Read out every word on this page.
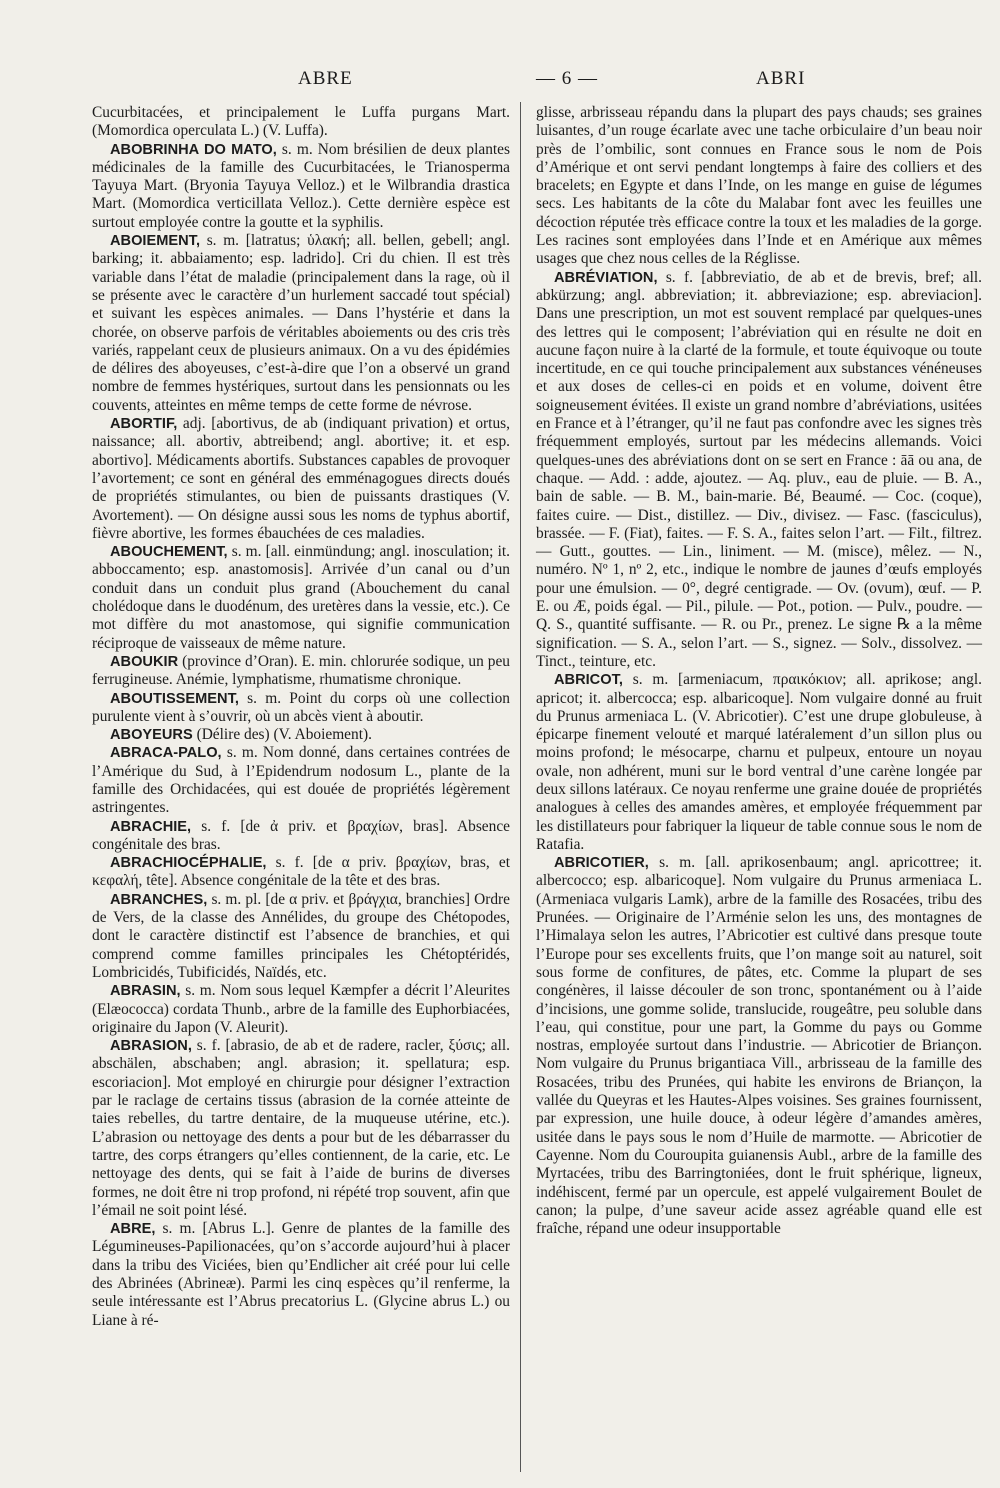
ABRE	— 6 —	ABRI

Cucurbitacées, et principalement le Luffa purgans Mart. (Momordica operculata L.) (V. Luffa).

ABOBRINHA DO MATO, s. m. Nom brésilien de deux plantes médicinales de la famille des Cucurbitacées, le Trianosperma Tayuya Mart. (Bryonia Tayuya Velloz.) et le Wilbrandia drastica Mart. (Momordica verticillata Velloz.). Cette dernière espèce est surtout employée contre la goutte et la syphilis.

ABOIEMENT, s. m. [latratus; ὑλακή; all. bellen, gebell; angl. barking; it. abbaiamento; esp. ladrido]. Cri du chien. Il est très variable dans l’état de maladie (principalement dans la rage, où il se présente avec le caractère d’un hurlement saccadé tout spécial) et suivant les espèces animales. — Dans l’hystérie et dans la chorée, on observe parfois de véritables aboiements ou des cris très variés, rappelant ceux de plusieurs animaux. On a vu des épidémies de délires des aboyeuses, c’est-à-dire que l’on a observé un grand nombre de femmes hystériques, surtout dans les pensionnats ou les couvents, atteintes en même temps de cette forme de névrose.

ABORTIF, adj. [abortivus, de ab (indiquant privation) et ortus, naissance; all. abortiv, abtreibend; angl. abortive; it. et esp. abortivo]. Médicaments abortifs. Substances capables de provoquer l’avortement; ce sont en général des emménagogues directs doués de propriétés stimulantes, ou bien de puissants drastiques (V. Avortement). — On désigne aussi sous les noms de typhus abortif, fièvre abortive, les formes ébauchées de ces maladies.

ABOUCHEMENT, s. m. [all. einmündung; angl. inosculation; it. abboccamento; esp. anastomosis]. Arrivée d’un canal ou d’un conduit dans un conduit plus grand (Abouchement du canal cholédoque dans le duodénum, des uretères dans la vessie, etc.). Ce mot diffère du mot anastomose, qui signifie communication réciproque de vaisseaux de même nature.

ABOUKIR (province d’Oran). E. min. chlorurée sodique, un peu ferrugineuse. Anémie, lymphatisme, rhumatisme chronique.

ABOUTISSEMENT, s. m. Point du corps où une collection purulente vient à s’ouvrir, où un abcès vient à aboutir.

ABOYEURS (Délire des) (V. Aboiement).

ABRACA-PALO, s. m. Nom donné, dans certaines contrées de l’Amérique du Sud, à l’Epidendrum nodosum L., plante de la famille des Orchidacées, qui est douée de propriétés légèrement astringentes.

ABRACHIE, s. f. [de ἀ priv. et βραχίων, bras]. Absence congénitale des bras.

ABRACHIOCÉPHALIE, s. f. [de α priv. βραχίων, bras, et κεφαλή, tête]. Absence congénitale de la tête et des bras.

ABRANCHES, s. m. pl. [de α priv. et βράγχια, branchies] Ordre de Vers, de la classe des Annélides, du groupe des Chétopodes, dont le caractère distinctif est l’absence de branchies, et qui comprend comme familles principales les Chétoptéridés, Lombricidés, Tubificidés, Naïdés, etc.

ABRASIN, s. m. Nom sous lequel Kæmpfer a décrit l’Aleurites (Elæococca) cordata Thunb., arbre de la famille des Euphorbiacées, originaire du Japon (V. Aleurit).

ABRASION, s. f. [abrasio, de ab et de radere, racler, ξύσις; all. abschälen, abschaben; angl. abrasion; it. spellatura; esp. escoriacion]. Mot employé en chirurgie pour désigner l’extraction par le raclage de certains tissus (abrasion de la cornée atteinte de taies rebelles, du tartre dentaire, de la muqueuse utérine, etc.). L’abrasion ou nettoyage des dents a pour but de les débarrasser du tartre, des corps étrangers qu’elles contiennent, de la carie, etc. Le nettoyage des dents, qui se fait à l’aide de burins de diverses formes, ne doit être ni trop profond, ni répété trop souvent, afin que l’émail ne soit point lésé.

ABRE, s. m. [Abrus L.]. Genre de plantes de la famille des Légumineuses-Papilionacées, qu’on s’accorde aujourd’hui à placer dans la tribu des Viciées, bien qu’Endlicher ait créé pour lui celle des Abrinées (Abrineæ). Parmi les cinq espèces qu’il renferme, la seule intéressante est l’Abrus precatorius L. (Glycine abrus L.) ou Liane à ré-

glisse, arbrisseau répandu dans la plupart des pays chauds; ses graines luisantes, d’un rouge écarlate avec une tache orbiculaire d’un beau noir près de l’ombilic, sont connues en France sous le nom de Pois d’Amérique et ont servi pendant longtemps à faire des colliers et des bracelets; en Egypte et dans l’Inde, on les mange en guise de légumes secs. Les habitants de la côte du Malabar font avec les feuilles une décoction réputée très efficace contre la toux et les maladies de la gorge. Les racines sont employées dans l’Inde et en Amérique aux mêmes usages que chez nous celles de la Réglisse.

ABRÉVIATION, s. f. [abbreviatio, de ab et de brevis, bref; all. abkürzung; angl. abbreviation; it. abbreviazione; esp. abreviacion]. Dans une prescription, un mot est souvent remplacé par quelques-unes des lettres qui le composent; l’abréviation qui en résulte ne doit en aucune façon nuire à la clarté de la formule, et toute équivoque ou toute incertitude, en ce qui touche principalement aux substances vénéneuses et aux doses de celles-ci en poids et en volume, doivent être soigneusement évitées. Il existe un grand nombre d’abréviations, usitées en France et à l’étranger, qu’il ne faut pas confondre avec les signes très fréquemment employés, surtout par les médecins allemands. Voici quelques-unes des abréviations dont on se sert en France : āā ou ana, de chaque. — Add. : adde, ajoutez. — Aq. pluv., eau de pluie. — B. A., bain de sable. — B. M., bain-marie. Bé, Beaumé. — Coc. (coque), faites cuire. — Dist., distillez. — Div., divisez. — Fasc. (fasciculus), brassée. — F. (Fiat), faites. — F. S. A., faites selon l’art. — Filt., filtrez. — Gutt., gouttes. — Lin., liniment. — M. (misce), mêlez. — N., numéro. Nº 1, nº 2, etc., indique le nombre de jaunes d’œufs employés pour une émulsion. — 0°, degré centigrade. — Ov. (ovum), œuf. — P. E. ou Æ, poids égal. — Pil., pilule. — Pot., potion. — Pulv., poudre. — Q. S., quantité suffisante. — R. ou Pr., prenez. Le signe ℞ a la même signification. — S. A., selon l’art. — S., signez. — Solv., dissolvez. — Tinct., teinture, etc.

ABRICOT, s. m. [armeniacum, πραικόκιον; all. aprikose; angl. apricot; it. albercocca; esp. albaricoque]. Nom vulgaire donné au fruit du Prunus armeniaca L. (V. Abricotier). C’est une drupe globuleuse, à épicarpe finement velouté et marqué latéralement d’un sillon plus ou moins profond; le mésocarpe, charnu et pulpeux, entoure un noyau ovale, non adhérent, muni sur le bord ventral d’une carène longée par deux sillons latéraux. Ce noyau renferme une graine douée de propriétés analogues à celles des amandes amères, et employée fréquemment par les distillateurs pour fabriquer la liqueur de table connue sous le nom de Ratafia.

ABRICOTIER, s. m. [all. aprikosenbaum; angl. apricottree; it. albercocco; esp. albaricoque]. Nom vulgaire du Prunus armeniaca L. (Armeniaca vulgaris Lamk), arbre de la famille des Rosacées, tribu des Prunées. — Originaire de l’Arménie selon les uns, des montagnes de l’Himalaya selon les autres, l’Abricotier est cultivé dans presque toute l’Europe pour ses excellents fruits, que l’on mange soit au naturel, soit sous forme de confitures, de pâtes, etc. Comme la plupart de ses congénères, il laisse découler de son tronc, spontanément ou à l’aide d’incisions, une gomme solide, translucide, rougeâtre, peu soluble dans l’eau, qui constitue, pour une part, la Gomme du pays ou Gomme nostras, employée surtout dans l’industrie. — Abricotier de Briançon. Nom vulgaire du Prunus brigantiaca Vill., arbrisseau de la famille des Rosacées, tribu des Prunées, qui habite les environs de Briançon, la vallée du Queyras et les Hautes-Alpes voisines. Ses graines fournissent, par expression, une huile douce, à odeur légère d’amandes amères, usitée dans le pays sous le nom d’Huile de marmotte. — Abricotier de Cayenne. Nom du Couroupita guianensis Aubl., arbre de la famille des Myrtacées, tribu des Barringtoniées, dont le fruit sphérique, ligneux, indéhiscent, fermé par un opercule, est appelé vulgairement Boulet de canon; la pulpe, d’une saveur acide assez agréable quand elle est fraîche, répand une odeur insupportable
